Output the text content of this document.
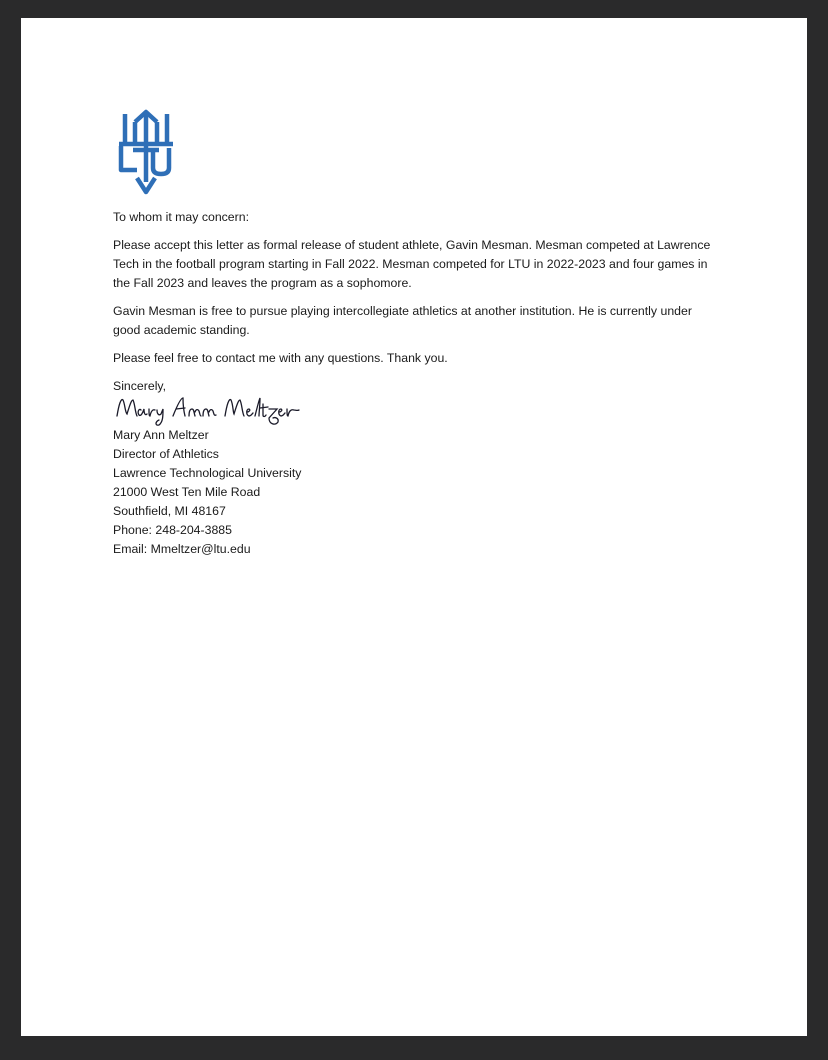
To whom it may concern:

Please accept this letter as formal release of student athlete, Gavin Mesman. Mesman competed at Lawrence Tech in the football program starting in Fall 2022. Mesman competed for LTU in 2022-2023 and four games in the Fall 2023 and leaves the program as a sophomore.

Gavin Mesman is free to pursue playing intercollegiate athletics at another institution. He is currently under good academic standing.

Please feel free to contact me with any questions. Thank you.

Sincerely,

Mary Ann Meltzer
Director of Athletics
Lawrence Technological University
21000 West Ten Mile Road
Southfield, MI 48167
Phone: 248-204-3885
Email: Mmeltzer@ltu.edu
